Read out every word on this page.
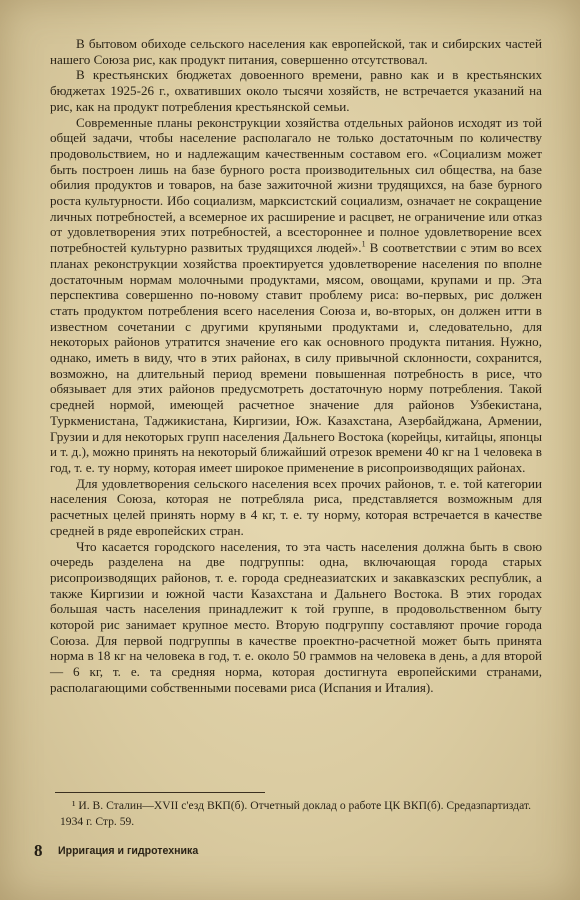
В бытовом обиходе сельского населения как европейской, так и сибирских частей нашего Союза рис, как продукт питания, совершенно отсутствовал.

В крестьянских бюджетах довоенного времени, равно как и в крестьянских бюджетах 1925-26 г., охвативших около тысячи хозяйств, не встречается указаний на рис, как на продукт потребления крестьянской семьи.

Современные планы реконструкции хозяйства отдельных районов исходят из той общей задачи, чтобы население располагало не только достаточным по количеству продовольствием, но и надлежащим качественным составом его. «Социализм может быть построен лишь на базе бурного роста производительных сил общества, на базе обилия продуктов и товаров, на базе зажиточной жизни трудящихся, на базе бурного роста культурности. Ибо социализм, марксистский социализм, означает не сокращение личных потребностей, а всемерное их расширение и расцвет, не ограничение или отказ от удовлетворения этих потребностей, а всестороннее и полное удовлетворение всех потребностей культурно развитых трудящихся людей».$^1$ В соответствии с этим во всех планах реконструкции хозяйства проектируется удовлетворение населения по вполне достаточным нормам молочными продуктами, мясом, овощами, крупами и пр. Эта перспектива совершенно по-новому ставит проблему риса: во-первых, рис должен стать продуктом потребления всего населения Союза и, во-вторых, он должен итти в известном сочетании с другими крупяными продуктами и, следовательно, для некоторых районов утратится значение его как основного продукта питания. Нужно, однако, иметь в виду, что в этих районах, в силу привычной склонности, сохранится, возможно, на длительный период времени повышенная потребность в рисе, что обязывает для этих районов предусмотреть достаточную норму потребления. Такой средней нормой, имеющей расчетное значение для районов Узбекистана, Туркменистана, Таджикистана, Киргизии, Юж. Казахстана, Азербайджана, Армении, Грузии и для некоторых групп населения Дальнего Востока (корейцы, китайцы, японцы и т. д.), можно принять на некоторый ближайший отрезок времени 40 кг на 1 человека в год, т. е. ту норму, которая имеет широкое применение в рисопроизводящих районах.

Для удовлетворения сельского населения всех прочих районов, т. е. той категории населения Союза, которая не потребляла риса, представляется возможным для расчетных целей принять норму в 4 кг, т. е. ту норму, которая встречается в качестве средней в ряде европейских стран.

Что касается городского населения, то эта часть населения должна быть в свою очередь разделена на две подгруппы: одна, включающая города старых рисопроизводящих районов, т. е. города среднеазиатских и закавказских республик, а также Киргизии и южной части Казахстана и Дальнего Востока. В этих городах большая часть населения принадлежит к той группе, в продовольственном быту которой рис занимает крупное место. Вторую подгруппу составляют прочие города Союза. Для первой подгруппы в качестве проектно-расчетной может быть принята норма в 18 кг на человека в год, т. е. около 50 граммов на человека в день, а для второй — 6 кг, т. е. та средняя норма, которая достигнута европейскими странами, располагающими собственными посевами риса (Испания и Италия).

¹ И. В. Сталин—XVII с'езд ВКП(б). Отчетный доклад о работе ЦК ВКП(б). Средазпартиздат. 1934 г. Стр. 59.
8 Ирригация и гидротехника
